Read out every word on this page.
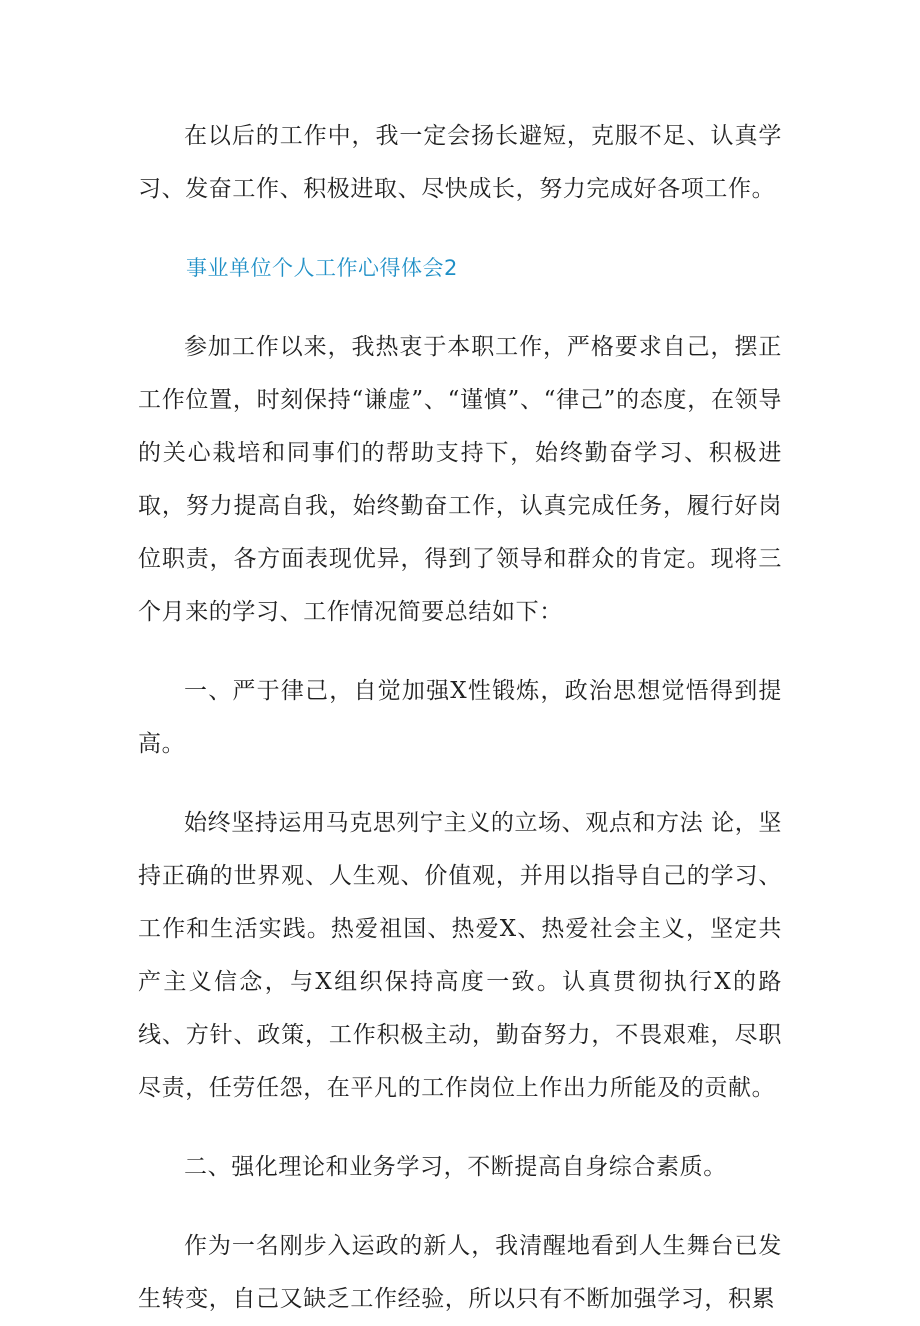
在以后的工作中，我一定会扬长避短，克服不足、认真学习、发奋工作、积极进取、尽快成长，努力完成好各项工作。

事业单位个人工作心得体会2

参加工作以来，我热衷于本职工作，严格要求自己，摆正工作位置，时刻保持“谦虚”、“谨慎”、“律己”的态度，在领导的关心栽培和同事们的帮助支持下，始终勤奋学习、积极进取，努力提高自我，始终勤奋工作，认真完成任务，履行好岗位职责，各方面表现优异，得到了领导和群众的肯定。现将三个月来的学习、工作情况简要总结如下：

一、严于律己，自觉加强X性锻炼，政治思想觉悟得到提高。

始终坚持运用马克思列宁主义的立场、观点和方法 论，坚持正确的世界观、人生观、价值观，并用以指导自己的学习、工作和生活实践。热爱祖国、热爱X、热爱社会主义，坚定共产主义信念，与X组织保持高度一致。认真贯彻执行X的路线、方针、政策，工作积极主动，勤奋努力，不畏艰难，尽职尽责，任劳任怨，在平凡的工作岗位上作出力所能及的贡献。

二、强化理论和业务学习，不断提高自身综合素质。

作为一名刚步入运政的新人，我清醒地看到人生舞台已发生转变，自己又缺乏工作经验，所以只有不断加强学习，积累
